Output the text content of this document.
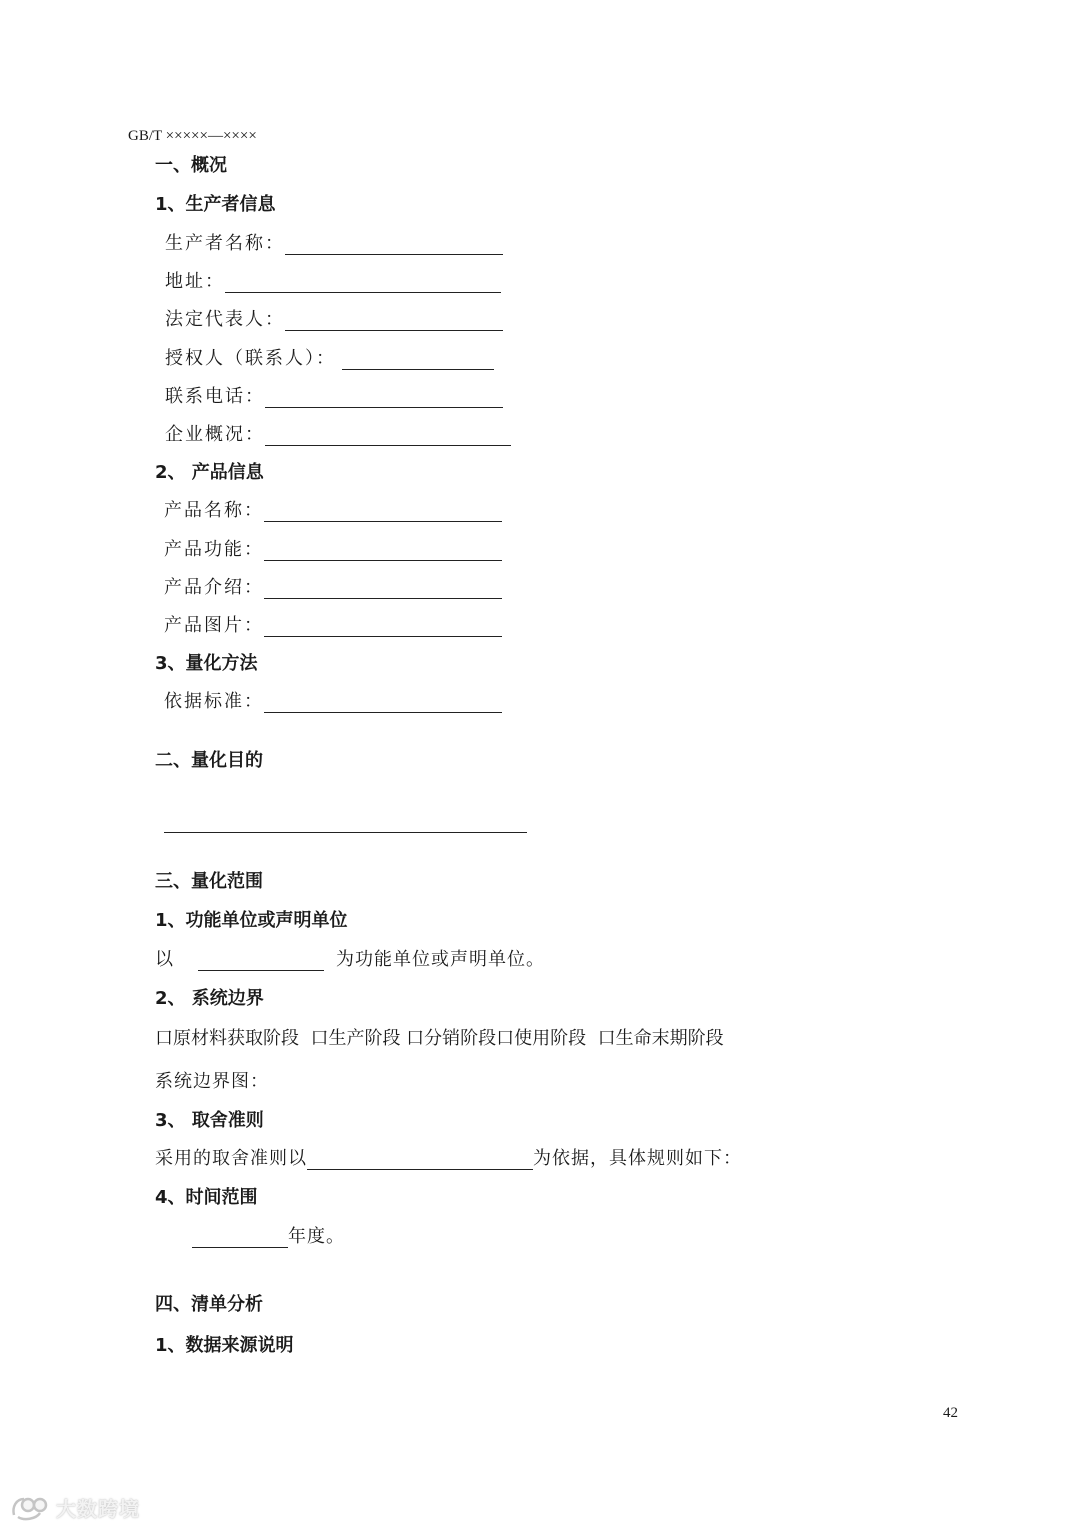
GB/T ×××××—××××
一、概况
1、生产者信息
生产者名称：
地址：
法定代表人：
授权人（联系人）：
联系电话：
企业概况：
2、 产品信息
产品名称：
产品功能：
产品介绍：
产品图片：
3、量化方法
依据标准：
二、量化目的
三、量化范围
1、功能单位或声明单位
以	为功能单位或声明单位。
2、 系统边界
口原材料获取阶段  口生产阶段 口分销阶段口使用阶段  口生命末期阶段
系统边界图：
3、 取舍准则
采用的取舍准则以	为依据，具体规则如下：
4、时间范围
年度。
四、清单分析
1、数据来源说明
42
大数跨境
